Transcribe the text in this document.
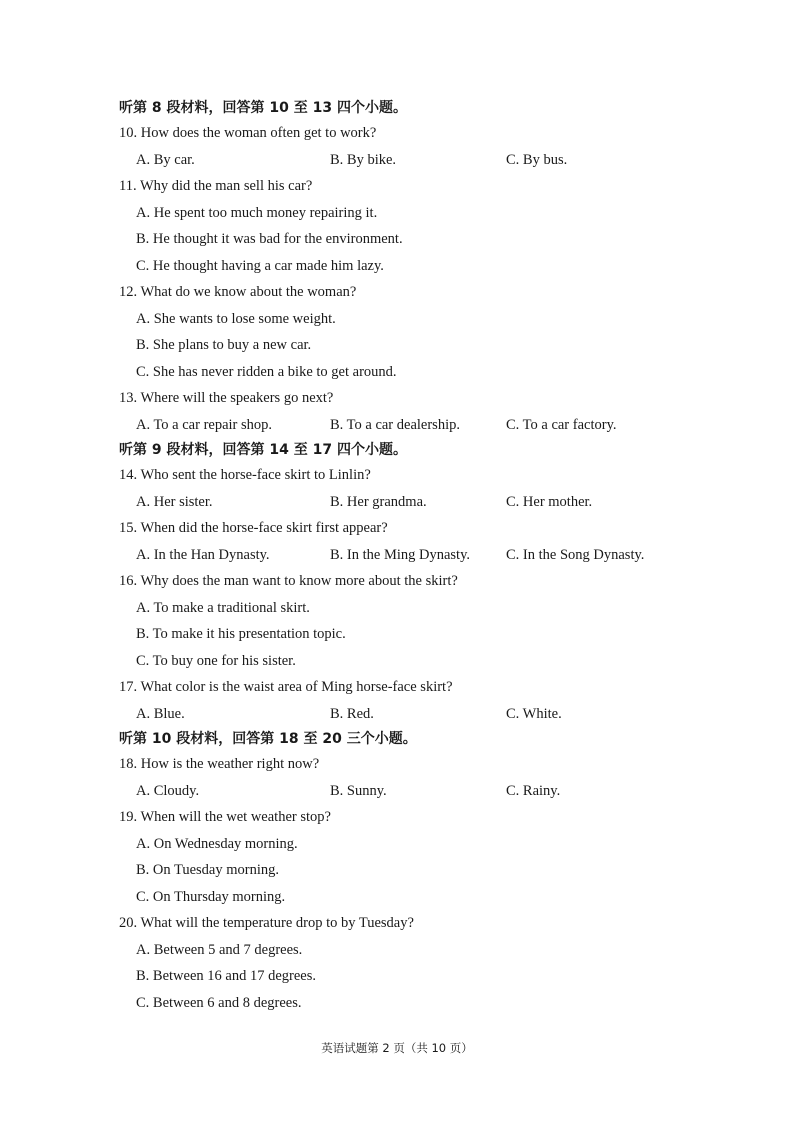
听第 8 段材料，回答第 10 至 13 四个小题。
10. How does the woman often get to work?
A. By car.	B. By bike.	C. By bus.
11. Why did the man sell his car?
A. He spent too much money repairing it.
B. He thought it was bad for the environment.
C. He thought having a car made him lazy.
12. What do we know about the woman?
A. She wants to lose some weight.
B. She plans to buy a new car.
C. She has never ridden a bike to get around.
13. Where will the speakers go next?
A. To a car repair shop.	B. To a car dealership.	C. To a car factory.
听第 9 段材料，回答第 14 至 17 四个小题。
14. Who sent the horse-face skirt to Linlin?
A. Her sister.	B. Her grandma.	C. Her mother.
15. When did the horse-face skirt first appear?
A. In the Han Dynasty.	B. In the Ming Dynasty. C. In the Song Dynasty.
16. Why does the man want to know more about the skirt?
A. To make a traditional skirt.
B. To make it his presentation topic.
C. To buy one for his sister.
17. What color is the waist area of Ming horse-face skirt?
A. Blue.	B. Red.	C. White.
听第 10 段材料，回答第 18 至 20 三个小题。
18. How is the weather right now?
A. Cloudy.	B. Sunny.	C. Rainy.
19. When will the wet weather stop?
A. On Wednesday morning.
B. On Tuesday morning.
C. On Thursday morning.
20. What will the temperature drop to by Tuesday?
A. Between 5 and 7 degrees.
B. Between 16 and 17 degrees.
C. Between 6 and 8 degrees.
英语试题第 2 页（共 10 页）
